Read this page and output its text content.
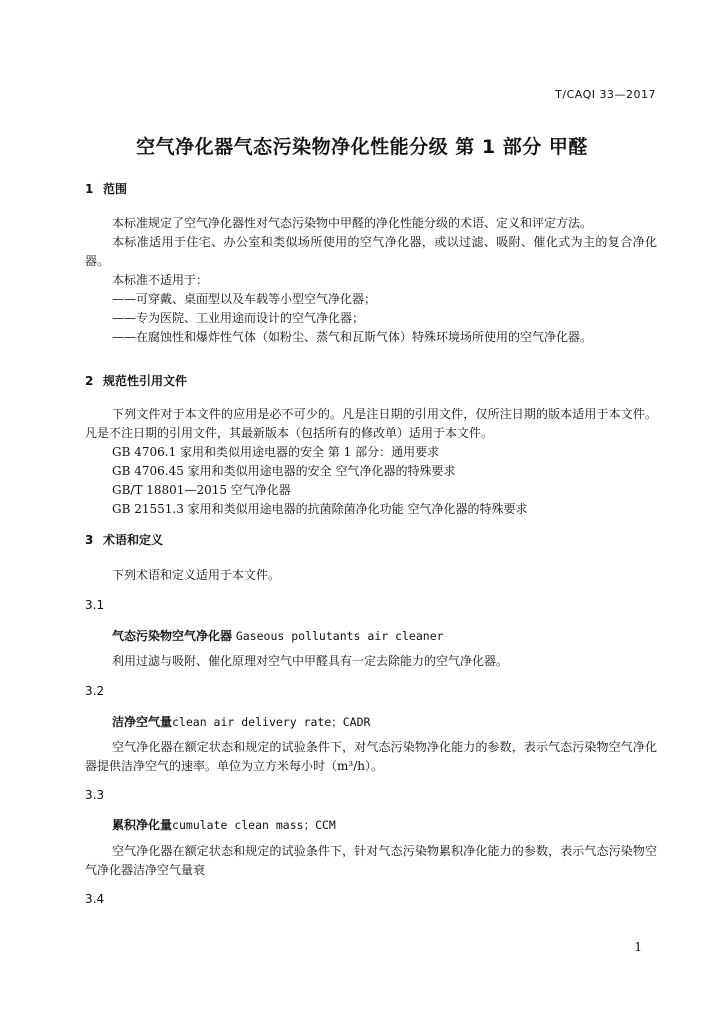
T/CAQI 33—2017
空气净化器气态污染物净化性能分级 第 1 部分 甲醛
1 范围

本标准规定了空气净化器性对气态污染物中甲醛的净化性能分级的术语、定义和评定方法。

本标准适用于住宅、办公室和类似场所使用的空气净化器，或以过滤、吸附、催化式为主的复合净化器。

本标准不适用于：

——可穿戴、桌面型以及车载等小型空气净化器；

——专为医院、工业用途而设计的空气净化器；

——在腐蚀性和爆炸性气体（如粉尘、蒸气和瓦斯气体）特殊环境场所使用的空气净化器。

2 规范性引用文件

下列文件对于本文件的应用是必不可少的。凡是注日期的引用文件，仅所注日期的版本适用于本文件。凡是不注日期的引用文件，其最新版本（包括所有的修改单）适用于本文件。

GB 4706.1 家用和类似用途电器的安全 第 1 部分：通用要求

GB 4706.45 家用和类似用途电器的安全 空气净化器的特殊要求

GB/T 18801—2015 空气净化器

GB 21551.3 家用和类似用途电器的抗菌除菌净化功能 空气净化器的特殊要求

3 术语和定义

下列术语和定义适用于本文件。

3.1
气态污染物空气净化器 Gaseous pollutants air cleaner

利用过滤与吸附、催化原理对空气中甲醛具有一定去除能力的空气净化器。

3.2
洁净空气量clean air delivery rate；CADR

空气净化器在额定状态和规定的试验条件下，对气态污染物净化能力的参数，表示气态污染物空气净化器提供洁净空气的速率。单位为立方米每小时（m³/h）。

3.3
累积净化量cumulate clean mass；CCM

空气净化器在额定状态和规定的试验条件下，针对气态污染物累积净化能力的参数，表示气态污染物空气净化器洁净空气量衰

3.4
1
